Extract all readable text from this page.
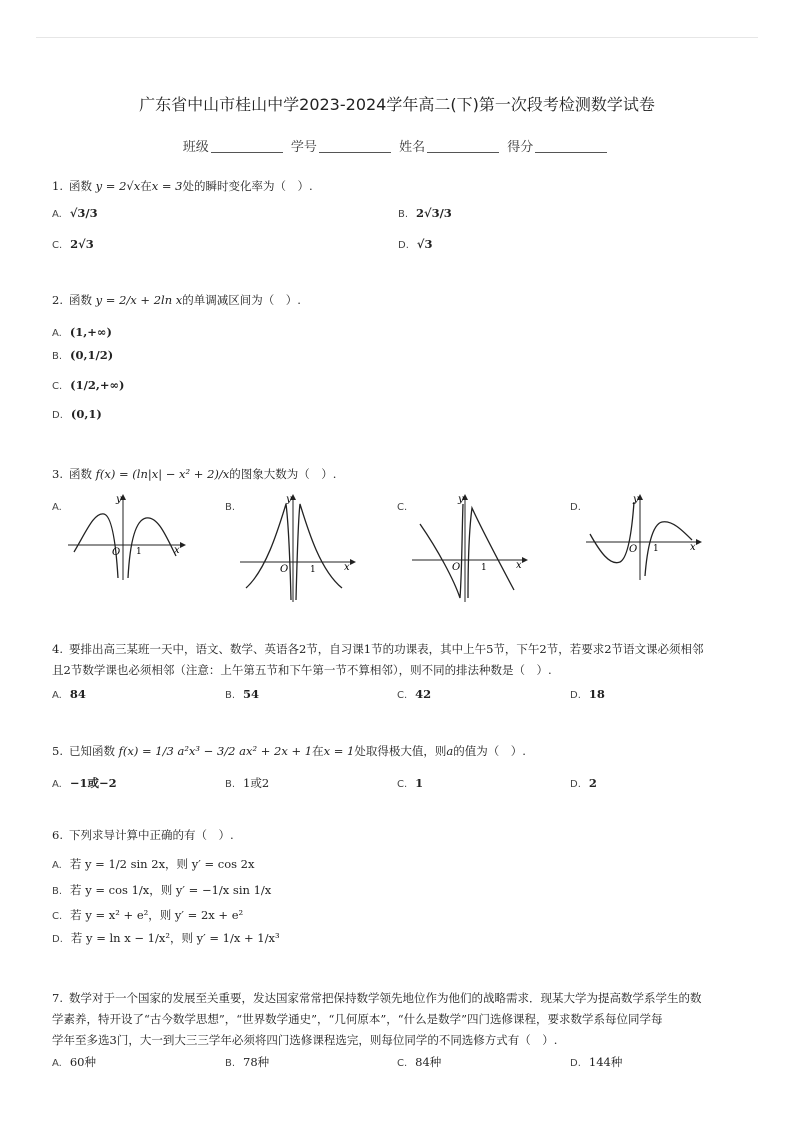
广东省中山市桂山中学2023-2024学年高二(下)第一次段考检测数学试卷
班级	学号	姓名	得分
1. 函数 y = 2√x在x = 3处的瞬时变化率为（　）.
A. √3/3	B. 2√3/3
C. 2√3	D. √3
2. 函数 y = 2/x + 2ln x的单调减区间为（　）.
A. (1,+∞)
B. (0,1/2)
C. (1/2,+∞)
D. (0,1)
3. 函数 f(x) = (ln|x| − x² + 2)/x的图象大数为（　）.
A.
y
x
O 1
B.
y
x
O 1
C.
y
x
O 1
D.
y
x
O 1
4. 要排出高三某班一天中，语文、数学、英语各2节，自习课1节的功课表，其中上午5节，下午2节，若要求2节语文课必须相邻
且2节数学课也必须相邻（注意：上午第五节和下午第一节不算相邻），则不同的排法种数是（　）.
A. 84	B. 54	C. 42	D. 18
5. 已知函数 f(x) = 1/3 a²x³ − 3/2 ax² + 2x + 1在x = 1处取得极大值，则a的值为（　）.
A. −1或−2	B. 1或2	C. 1	D. 2
6. 下列求导计算中正确的有（　）.
A. 若 y = 1/2 sin 2x，则 y′ = cos 2x
B. 若 y = cos 1/x，则 y′ = −1/x sin 1/x
C. 若 y = x² + e²，则 y′ = 2x + e²
D. 若 y = ln x − 1/x²，则 y′ = 1/x + 1/x³
7. 数学对于一个国家的发展至关重要，发达国家常常把保持数学领先地位作为他们的战略需求．现某大学为提高数学系学生的数
学素养，特开设了“古今数学思想”，“世界数学通史”，“几何原本”，“什么是数学”四门选修课程，要求数学系每位同学每
学年至多选3门，大一到大三三学年必须将四门选修课程选完，则每位同学的不同选修方式有（　）.
A. 60种	B. 78种	C. 84种	D. 144种
